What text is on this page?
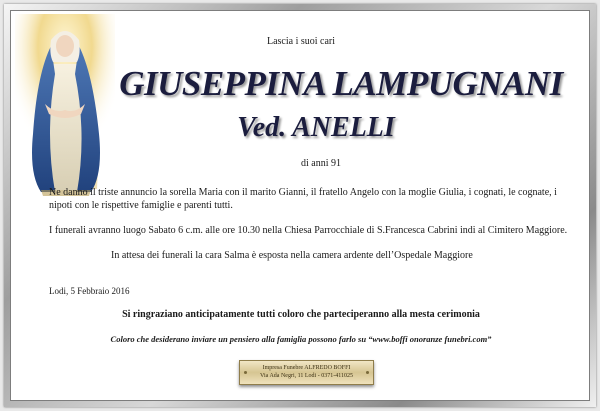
Lascia i suoi cari
GIUSEPPINA LAMPUGNANI
Ved. ANELLI
di anni 91
Ne danno il triste annuncio la sorella Maria con il marito Gianni, il fratello Angelo con la moglie Giulia, i cognati, le cognate, i nipoti con le rispettive famiglie e parenti tutti.
I funerali avranno luogo Sabato 6 c.m. alle ore 10.30 nella Chiesa Parrocchiale di S.Francesca Cabrini indi al Cimitero Maggiore.
In attesa dei funerali la cara Salma è esposta nella camera ardente dell’Ospedale Maggiore
Lodi, 5 Febbraio 2016
Si ringraziano anticipatamente tutti coloro che parteciperanno alla mesta cerimonia
Coloro che desiderano inviare un pensiero alla famiglia possono farlo su “www.boffi onoranze funebri.com”
Impresa Funebre ALFREDO BOFFI
Via Ada Negri, 11 Lodi - 0371-411025
